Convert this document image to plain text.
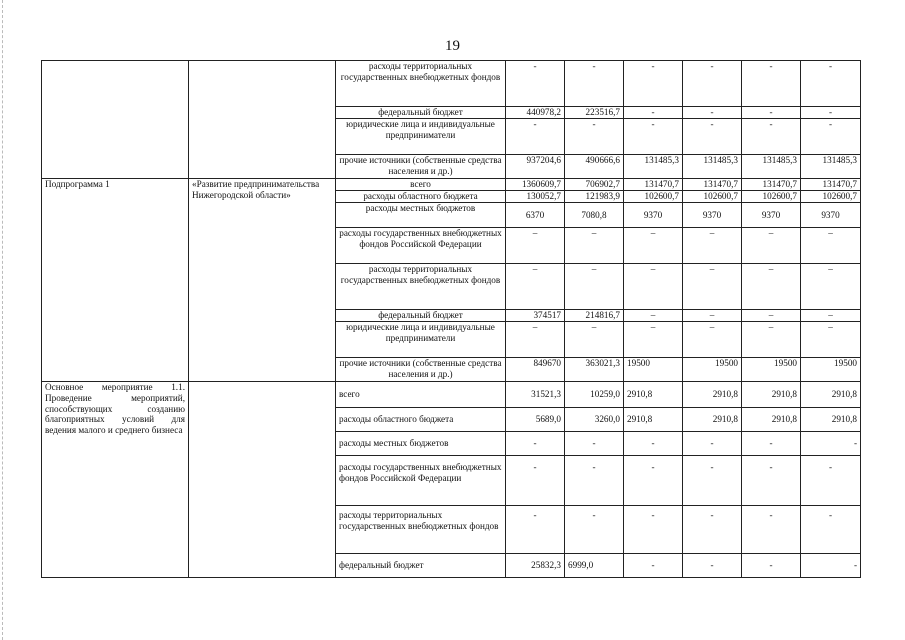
19
		расходы территориальных государственных внебюджетных фондов	-	-	-	-	-	-
		федеральный бюджет	440978,2	223516,7	-	-	-	-
		юридические лица и индивидуальные предприниматели	-	-	-	-	-	-
		прочие источники (собственные средства населения и др.)	937204,6	490666,6	131485,3	131485,3	131485,3	131485,3
Подпрограмма 1	«Развитие предпринимательства Нижегородской области»	всего	1360609,7	706902,7	131470,7	131470,7	131470,7	131470,7
		расходы областного бюджета	130052,7	121983,9	102600,7	102600,7	102600,7	102600,7
		расходы местных бюджетов	6370	7080,8	9370	9370	9370	9370
		расходы государственных внебюджетных фондов Российской Федерации	–	–	–	–	–	–
		расходы территориальных государственных внебюджетных фондов	–	–	–	–	–	–
		федеральный бюджет	374517	214816,7	–	–	–	–
		юридические лица и индивидуальные предприниматели	–	–	–	–	–	–
		прочие источники (собственные средства населения и др.)	849670	363021,3	19500	19500	19500	19500
Основное мероприятие 1.1. Проведение мероприятий, способствующих созданию благоприятных условий для ведения малого и среднего бизнеса		всего	31521,3	10259,0	2910,8	2910,8	2910,8	2910,8
		расходы областного бюджета	5689,0	3260,0	2910,8	2910,8	2910,8	2910,8
		расходы местных бюджетов	-	-	-	-	-	-
		расходы государственных внебюджетных фондов Российской Федерации	-	-	-	-	-	-
		расходы территориальных государственных внебюджетных фондов	-	-	-	-	-	-
		федеральный бюджет	25832,3	6999,0	-	-	-	-
